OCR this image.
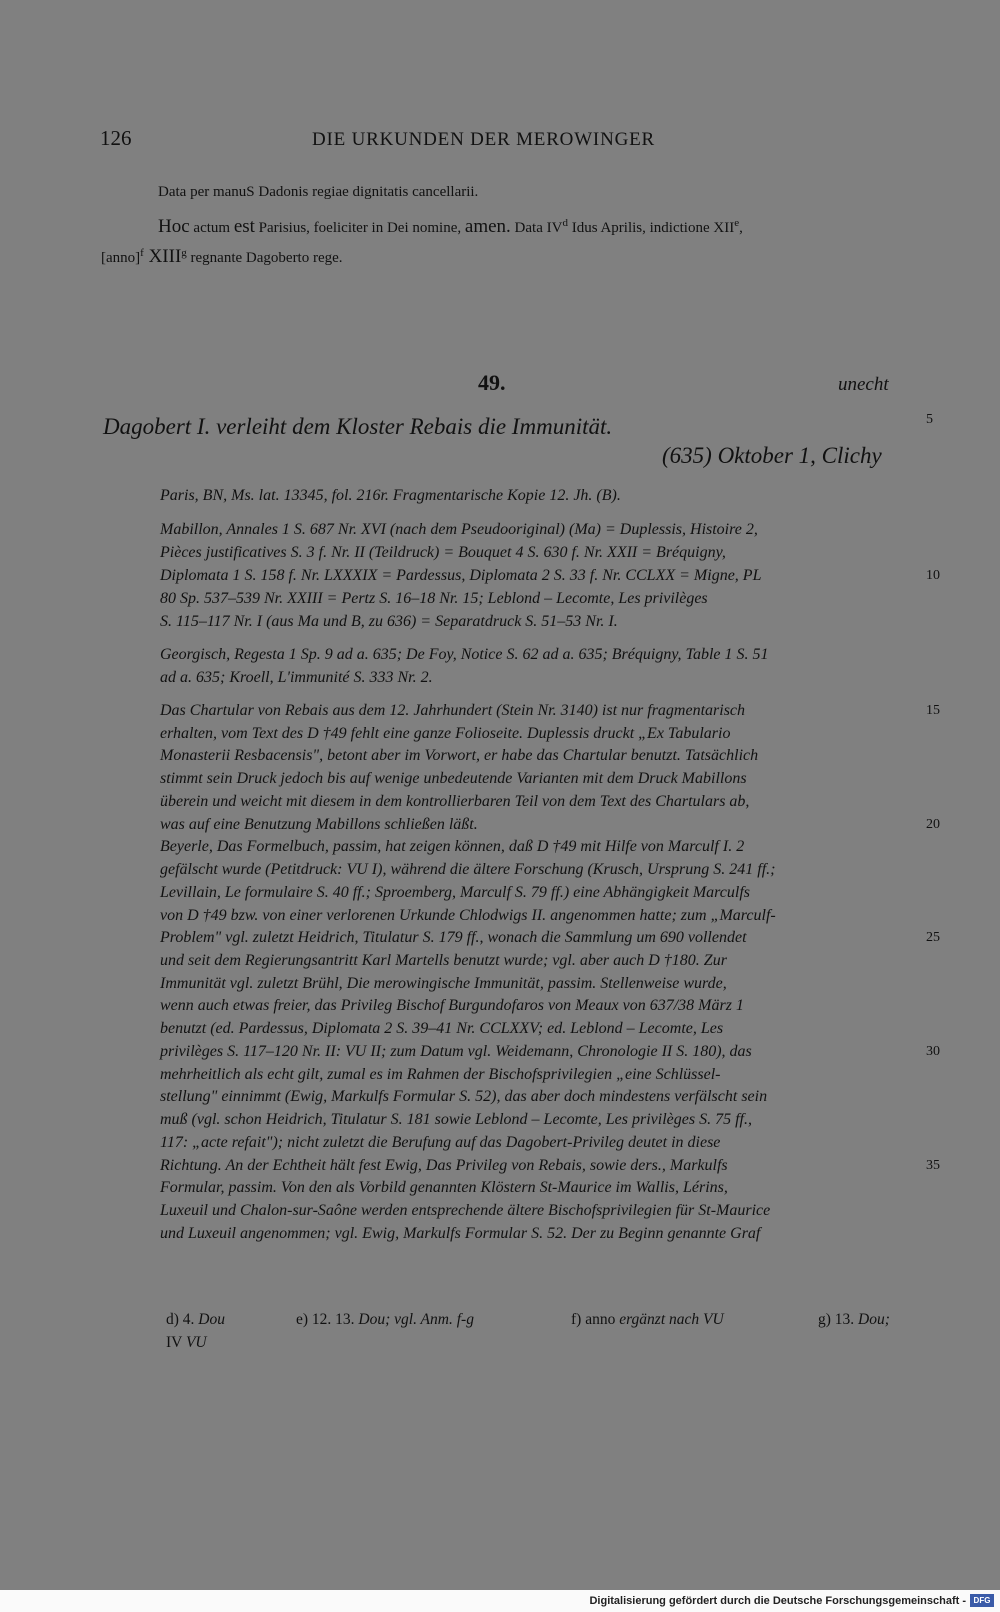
126	DIE URKUNDEN DER MEROWINGER
Data per manuS Dadonis regiae dignitatis cancellarii.
Hoc actum est Parisius, foeliciter in Dei nomine, amen. Data $IV^d$ Idus Aprilis, indictione XIIe,
[anno]$^f$ XIII$^g$ regnante Dagoberto rege.
49.	unecht
Dagobert I. verleiht dem Kloster Rebais die Immunität.
(635) Oktober 1, Clichy
5
Paris, BN, Ms. lat. 13345, fol. 216r. Fragmentarische Kopie 12. Jh. (B).
Mabillon, Annales 1 S. 687 Nr. XVI (nach dem Pseudooriginal) (Ma) = Duplessis, Histoire 2,
Pièces justificatives S. 3 f. Nr. II (Teildruck) = Bouquet 4 S. 630 f. Nr. XXII = Bréquigny,
Diplomata 1 S. 158 f. Nr. LXXXIX = Pardessus, Diplomata 2 S. 33 f. Nr. CCLXX = Migne, PL
80 Sp. 537–539 Nr. XXIII = Pertz S. 16–18 Nr. 15; Leblond – Lecomte, Les privilèges
S. 115–117 Nr. I (aus Ma und B, zu 636) = Separatdruck S. 51–53 Nr. I.
10
Georgisch, Regesta 1 Sp. 9 ad a. 635; De Foy, Notice S. 62 ad a. 635; Bréquigny, Table 1 S. 51
ad a. 635; Kroell, L'immunité S. 333 Nr. 2.
Das Chartular von Rebais aus dem 12. Jahrhundert (Stein Nr. 3140) ist nur fragmentarisch
erhalten, vom Text des D †49 fehlt eine ganze Folioseite. Duplessis druckt „Ex Tabulario
Monasterii Resbacensis", betont aber im Vorwort, er habe das Chartular benutzt. Tatsächlich
stimmt sein Druck jedoch bis auf wenige unbedeutende Varianten mit dem Druck Mabillons
überein und weicht mit diesem in dem kontrollierbaren Teil von dem Text des Chartulars ab,
was auf eine Benutzung Mabillons schließen läßt.
Beyerle, Das Formelbuch, passim, hat zeigen können, daß D †49 mit Hilfe von Marculf I. 2
gefälscht wurde (Petitdruck: VU I), während die ältere Forschung (Krusch, Ursprung S. 241 ff.;
Levillain, Le formulaire S. 40 ff.; Sproemberg, Marculf S. 79 ff.) eine Abhängigkeit Marculfs
von D †49 bzw. von einer verlorenen Urkunde Chlodwigs II. angenommen hatte; zum „Marculf-
Problem" vgl. zuletzt Heidrich, Titulatur S. 179 ff., wonach die Sammlung um 690 vollendet
und seit dem Regierungsantritt Karl Martells benutzt wurde; vgl. aber auch D †180. Zur
Immunität vgl. zuletzt Brühl, Die merowingische Immunität, passim. Stellenweise wurde,
wenn auch etwas freier, das Privileg Bischof Burgundofaros von Meaux von 637/38 März 1
benutzt (ed. Pardessus, Diplomata 2 S. 39–41 Nr. CCLXXV; ed. Leblond – Lecomte, Les
privilèges S. 117–120 Nr. II: VU II; zum Datum vgl. Weidemann, Chronologie II S. 180), das
mehrheitlich als echt gilt, zumal es im Rahmen der Bischofsprivilegien „eine Schlüssel-
stellung" einnimmt (Ewig, Markulfs Formular S. 52), das aber doch mindestens verfälscht sein
muß (vgl. schon Heidrich, Titulatur S. 181 sowie Leblond – Lecomte, Les privilèges S. 75 ff.,
117: „acte refait"); nicht zuletzt die Berufung auf das Dagobert-Privileg deutet in diese
Richtung. An der Echtheit hält fest Ewig, Das Privileg von Rebais, sowie ders., Markulfs
Formular, passim. Von den als Vorbild genannten Klöstern St-Maurice im Wallis, Lérins,
Luxeuil und Chalon-sur-Saône werden entsprechende ältere Bischofsprivilegien für St-Maurice
und Luxeuil angenommen; vgl. Ewig, Markulfs Formular S. 52. Der zu Beginn genannte Graf
15
20
25
30
35
d) 4. Dou
IV VU
e) 12. 13. Dou; vgl. Anm. f-g	f) anno ergänzt nach VU	g) 13. Dou;
Digitalisierung gefördert durch die Deutsche Forschungsgemeinschaft - DFG
